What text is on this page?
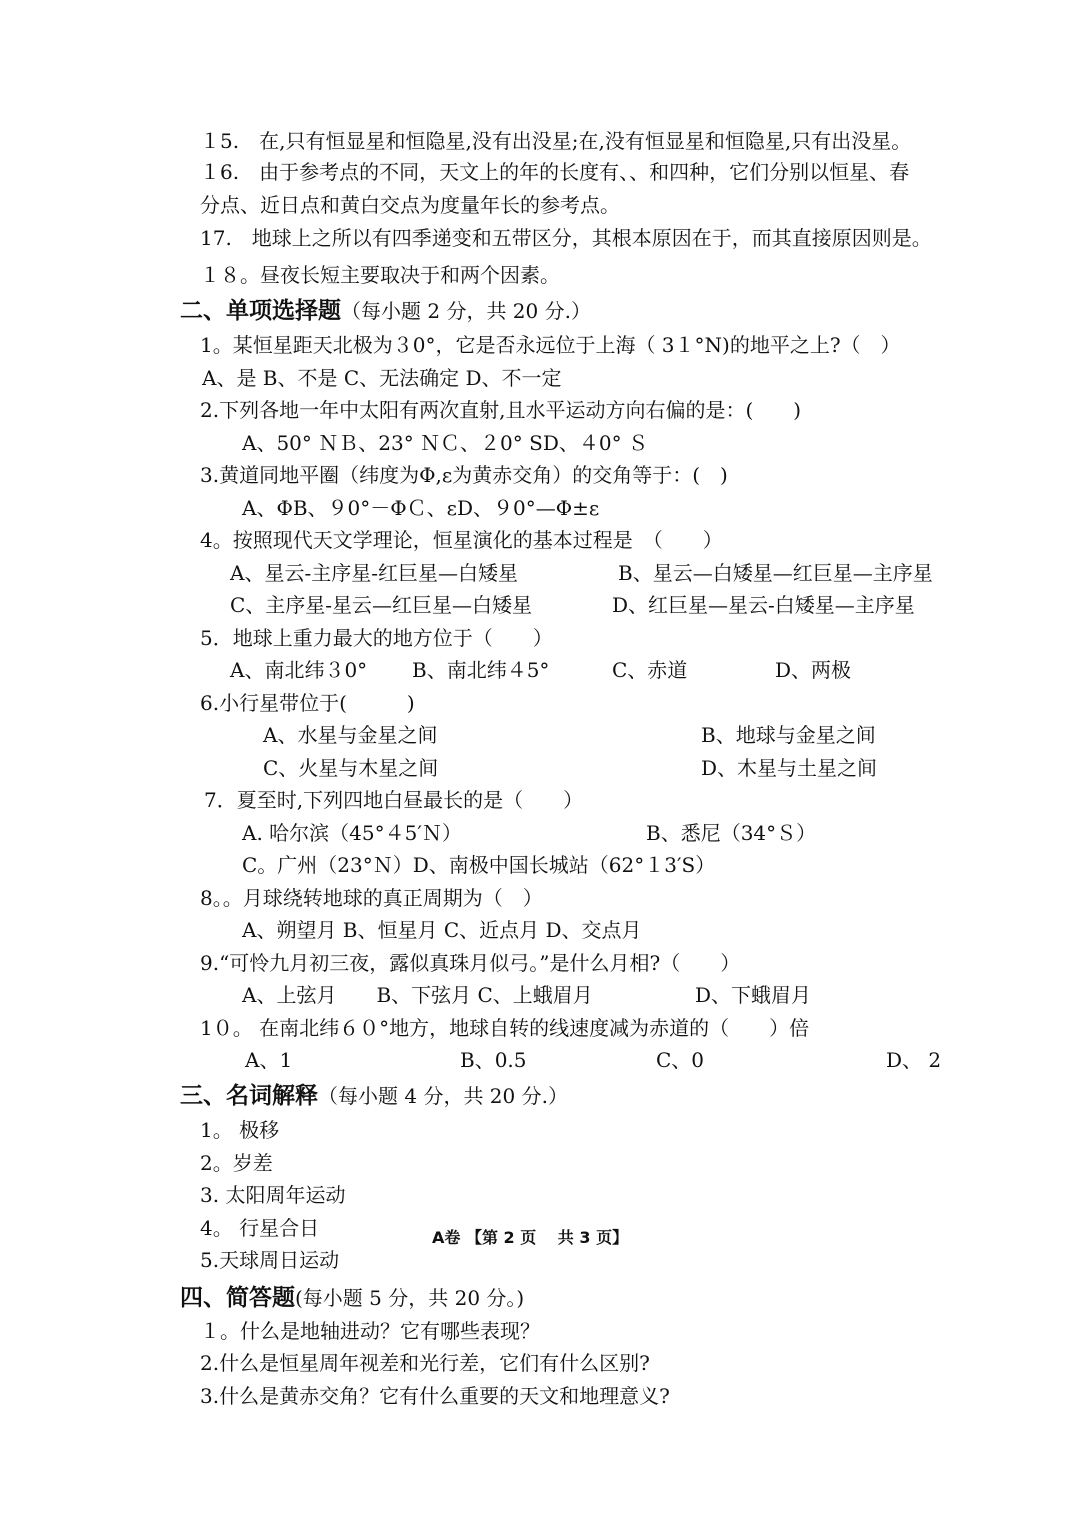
１5.　在,只有恒显星和恒隐星,没有出没星;在,没有恒显星和恒隐星,只有出没星。
１6.　由于参考点的不同，天文上的年的长度有、、和四种，它们分别以恒星、春
分点、近日点和黄白交点为度量年长的参考点。
17.　地球上之所以有四季递变和五带区分，其根本原因在于，而其直接原因则是。
１８。昼夜长短主要取决于和两个因素。
二、单项选择题（每小题 2 分，共 20 分.）
1。某恒星距天北极为３0°，它是否永远位于上海（ 3１°N)的地平之上?（　）
A、是 B、不是 C、无法确定 D、不一定
2.下列各地一年中太阳有两次直射,且水平运动方向右偏的是：(　　)
A、50° ＮＢ、23° ＮＣ、２0° SD、４0° Ｓ
3.黄道同地平圈（纬度为Φ,ε为黄赤交角）的交角等于：(　)
A、ΦB、９0°－ΦＣ、εD、９0°—Φ±ε
4。按照现代天文学理论，恒星演化的基本过程是　（　　）
A、星云-主序星-红巨星—白矮星	B、星云—白矮星—红巨星—主序星
C、主序星-星云—红巨星—白矮星	D、红巨星—星云-白矮星—主序星
5．地球上重力最大的地方位于（　　）
A、南北纬３0° B、南北纬４5°	C、赤道	D、两极
6.小行星带位于(　　　)
A、水星与金星之间	B、地球与金星之间
C、火星与木星之间	D、木星与土星之间
7．夏至时,下列四地白昼最长的是（　　）
A. 哈尔滨（45°４5′Ｎ）	B、悉尼（34°Ｓ）
C。广州（23°Ｎ）D、南极中国长城站（62°１3′S）
8。。月球绕转地球的真正周期为（　）
A、朔望月 B、恒星月 C、近点月 D、交点月
9.“可怜九月初三夜，露似真珠月似弓。”是什么月相?（　　）
A、上弦月　　B、下弦月 C、上蛾眉月	D、下蛾眉月
1０。 在南北纬６０°地方，地球自转的线速度减为赤道的（　　）倍
A、1	B、0.5	C、0	D、 2
三、名词解释（每小题 4 分，共 20 分.）
1。 极移
2。岁差
3. 太阳周年运动
4。 行星合日
5.天球周日运动
A卷 【第 2 页　 共 3 页】
四、简答题(每小题 5 分，共 20 分。)
１。什么是地轴进动？它有哪些表现？
2.什么是恒星周年视差和光行差，它们有什么区别?
3.什么是黄赤交角？它有什么重要的天文和地理意义?
